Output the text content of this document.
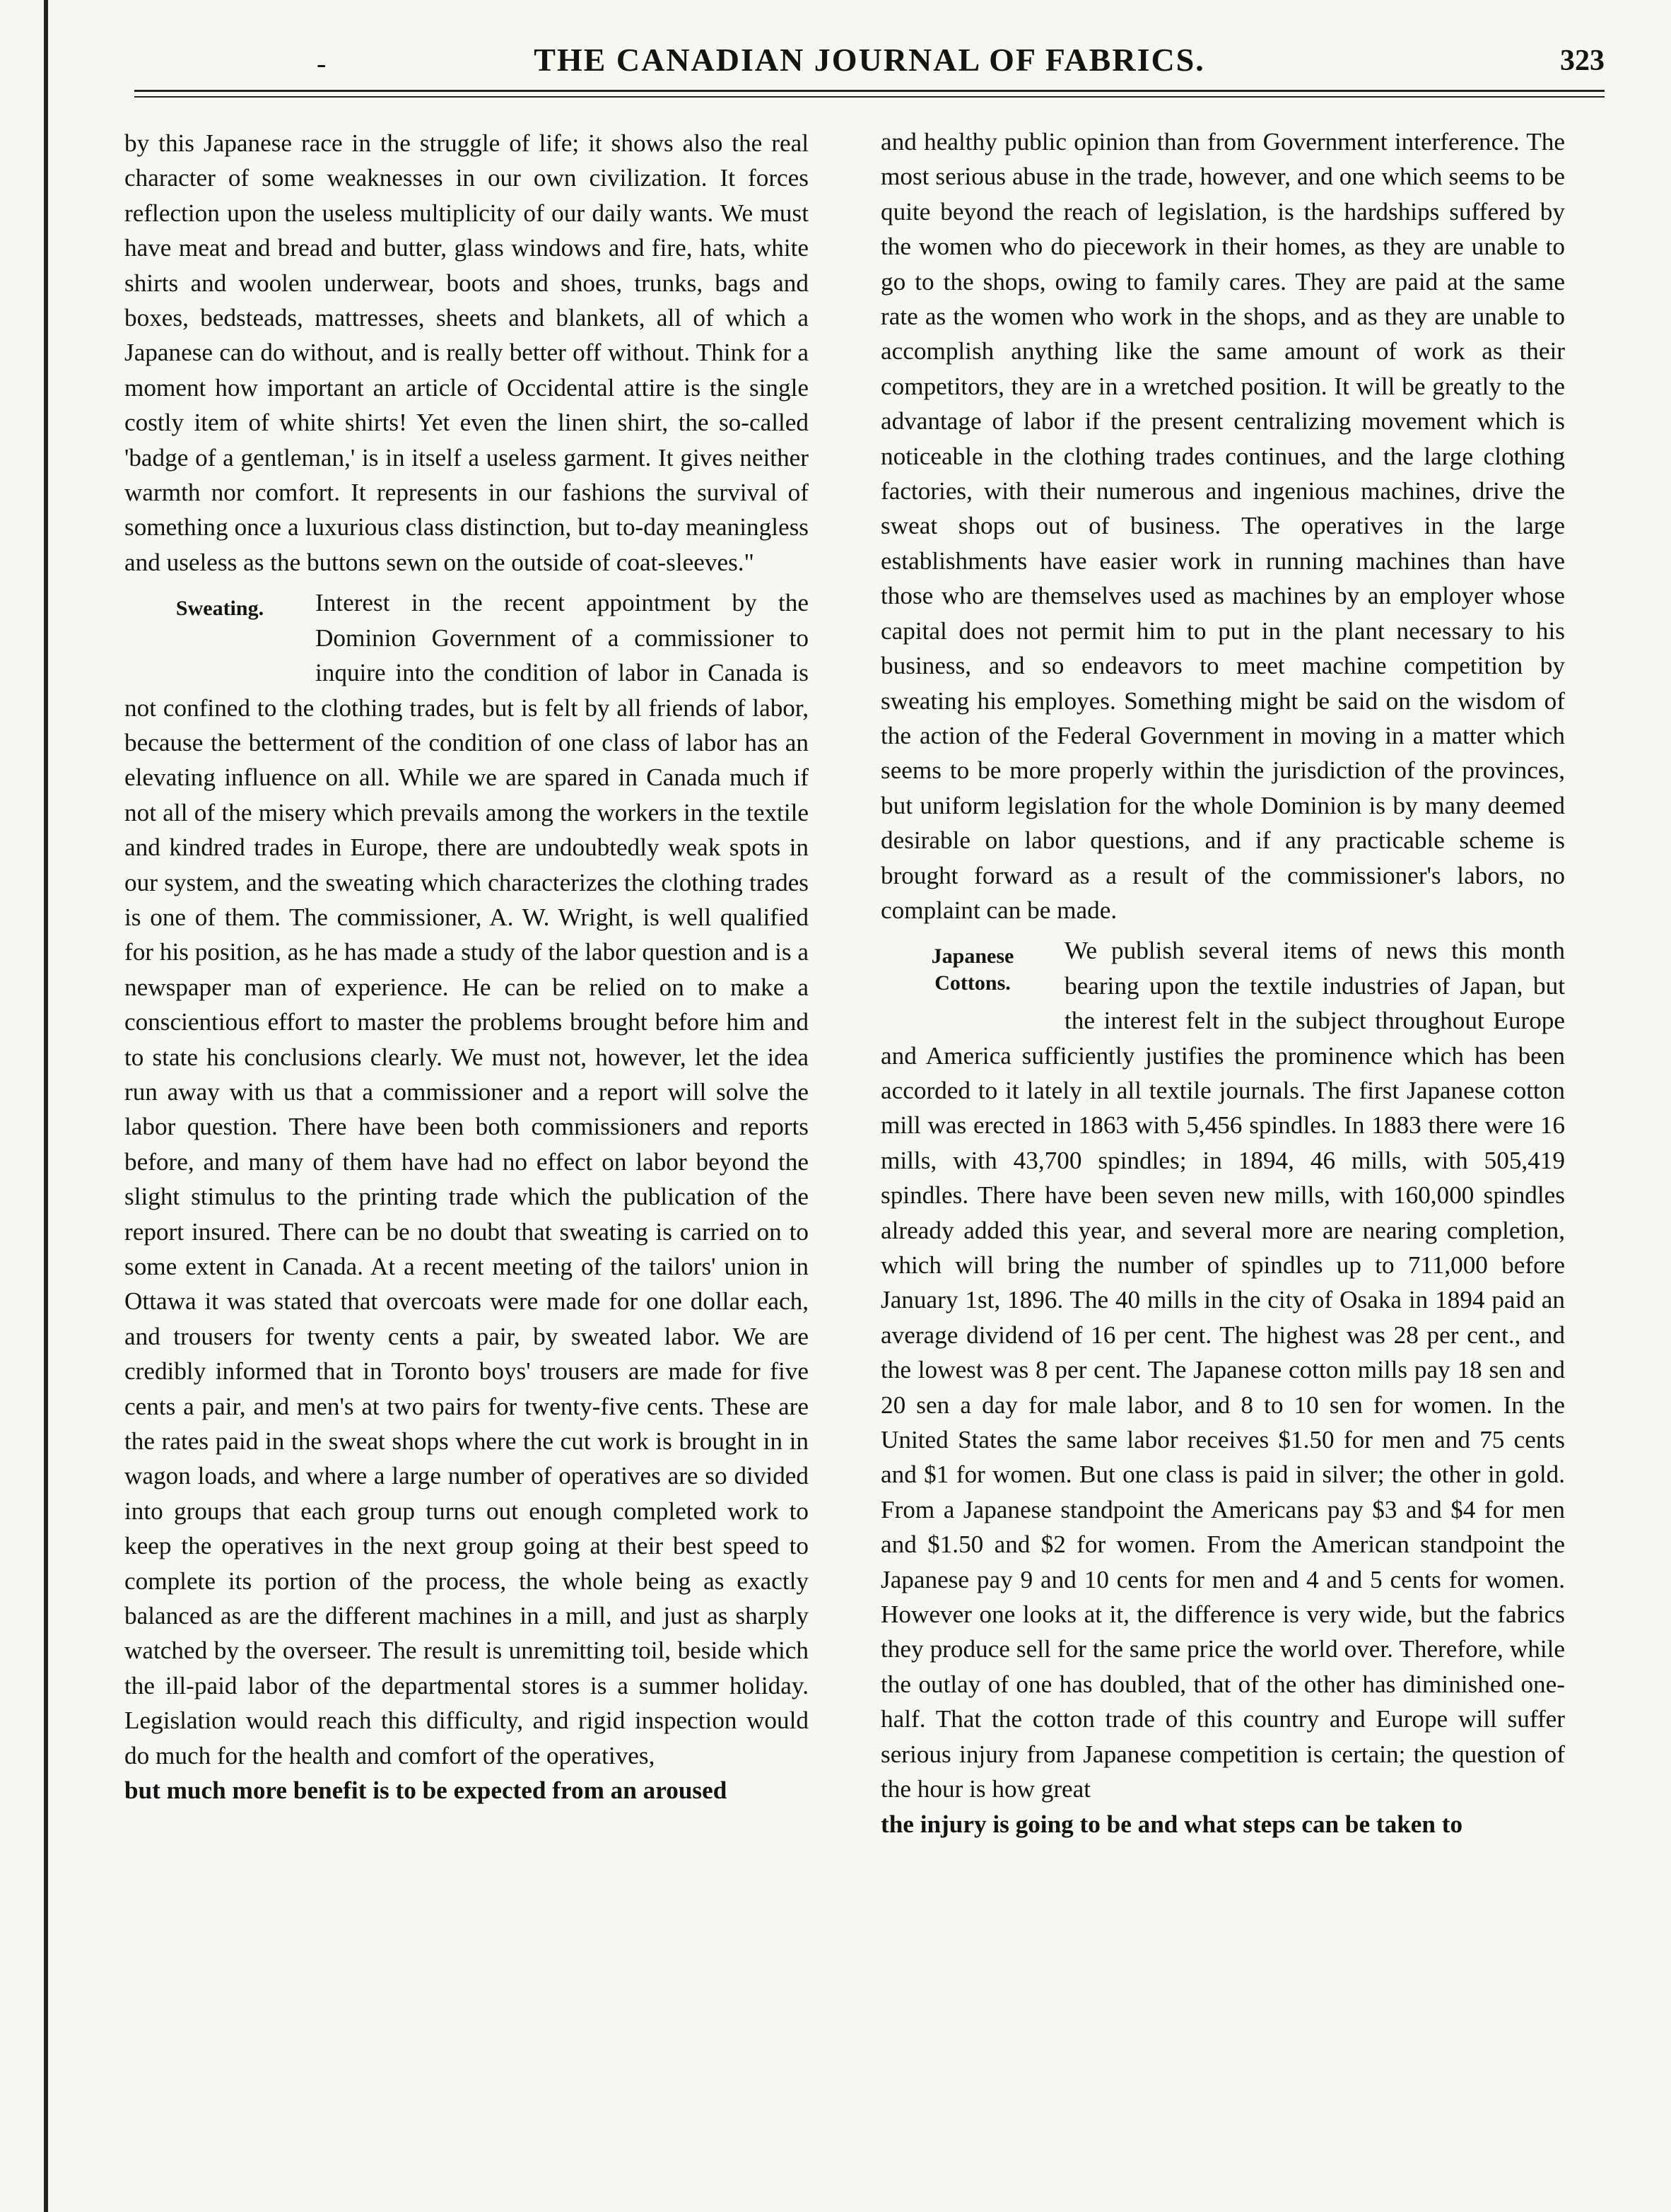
-	THE CANADIAN JOURNAL OF FABRICS.	323

by this Japanese race in the struggle of life; it shows also the real character of some weaknesses in our own civilization. It forces reflection upon the useless multiplicity of our daily wants. We must have meat and bread and butter, glass windows and fire, hats, white shirts and woolen underwear, boots and shoes, trunks, bags and boxes, bedsteads, mattresses, sheets and blankets, all of which a Japanese can do without, and is really better off without. Think for a moment how important an article of Occidental attire is the single costly item of white shirts! Yet even the linen shirt, the so-called 'badge of a gentleman,' is in itself a useless garment. It gives neither warmth nor comfort. It represents in our fashions the survival of something once a luxurious class distinction, but to-day meaningless and useless as the buttons sewn on the outside of coat-sleeves."

Sweating.	Interest in the recent appointment by the Dominion Government of a commissioner to inquire into the condition of labor in Canada is not confined to the clothing trades, but is felt by all friends of labor, because the betterment of the condition of one class of labor has an elevating influence on all. While we are spared in Canada much if not all of the misery which prevails among the workers in the textile and kindred trades in Europe, there are undoubtedly weak spots in our system, and the sweating which characterizes the clothing trades is one of them. The commissioner, A. W. Wright, is well qualified for his position, as he has made a study of the labor question and is a newspaper man of experience. He can be relied on to make a conscientious effort to master the problems brought before him and to state his conclusions clearly. We must not, however, let the idea run away with us that a commissioner and a report will solve the labor question. There have been both commissioners and reports before, and many of them have had no effect on labor beyond the slight stimulus to the printing trade which the publication of the report insured. There can be no doubt that sweating is carried on to some extent in Canada. At a recent meeting of the tailors' union in Ottawa it was stated that overcoats were made for one dollar each, and trousers for twenty cents a pair, by sweated labor. We are credibly informed that in Toronto boys' trousers are made for five cents a pair, and men's at two pairs for twenty-five cents. These are the rates paid in the sweat shops where the cut work is brought in in wagon loads, and where a large number of operatives are so divided into groups that each group turns out enough completed work to keep the operatives in the next group going at their best speed to complete its portion of the process, the whole being as exactly balanced as are the different machines in a mill, and just as sharply watched by the overseer. The result is unremitting toil, beside which the ill-paid labor of the departmental stores is a summer holiday. Legislation would reach this difficulty, and rigid inspection would do much for the health and comfort of the operatives,

but much more benefit is to be expected from an aroused

and healthy public opinion than from Government interference. The most serious abuse in the trade, however, and one which seems to be quite beyond the reach of legislation, is the hardships suffered by the women who do piecework in their homes, as they are unable to go to the shops, owing to family cares. They are paid at the same rate as the women who work in the shops, and as they are unable to accomplish anything like the same amount of work as their competitors, they are in a wretched position. It will be greatly to the advantage of labor if the present centralizing movement which is noticeable in the clothing trades continues, and the large clothing factories, with their numerous and ingenious machines, drive the sweat shops out of business. The operatives in the large establishments have easier work in running machines than have those who are themselves used as machines by an employer whose capital does not permit him to put in the plant necessary to his business, and so endeavors to meet machine competition by sweating his employes. Something might be said on the wisdom of the action of the Federal Government in moving in a matter which seems to be more properly within the jurisdiction of the provinces, but uniform legislation for the whole Dominion is by many deemed desirable on labor questions, and if any practicable scheme is brought forward as a result of the commissioner's labors, no complaint can be made.

Japanese
Cottons.

We publish several items of news this month bearing upon the textile industries of Japan, but the interest felt in the subject throughout Europe and America sufficiently justifies the prominence which has been accorded to it lately in all textile journals. The first Japanese cotton mill was erected in 1863 with 5,456 spindles. In 1883 there were 16 mills, with 43,700 spindles; in 1894, 46 mills, with 505,419 spindles. There have been seven new mills, with 160,000 spindles already added this year, and several more are nearing completion, which will bring the number of spindles up to 711,000 before January 1st, 1896. The 40 mills in the city of Osaka in 1894 paid an average dividend of 16 per cent. The highest was 28 per cent., and the lowest was 8 per cent. The Japanese cotton mills pay 18 sen and 20 sen a day for male labor, and 8 to 10 sen for women. In the United States the same labor receives $1.50 for men and 75 cents and $1 for women. But one class is paid in silver; the other in gold. From a Japanese standpoint the Americans pay $3 and $4 for men and $1.50 and $2 for women. From the American standpoint the Japanese pay 9 and 10 cents for men and 4 and 5 cents for women. However one looks at it, the difference is very wide, but the fabrics they produce sell for the same price the world over. Therefore, while the outlay of one has doubled, that of the other has diminished one-half. That the cotton trade of this country and Europe will suffer serious injury from Japanese competition is certain; the question of the hour is how great

the injury is going to be and what steps can be taken to
